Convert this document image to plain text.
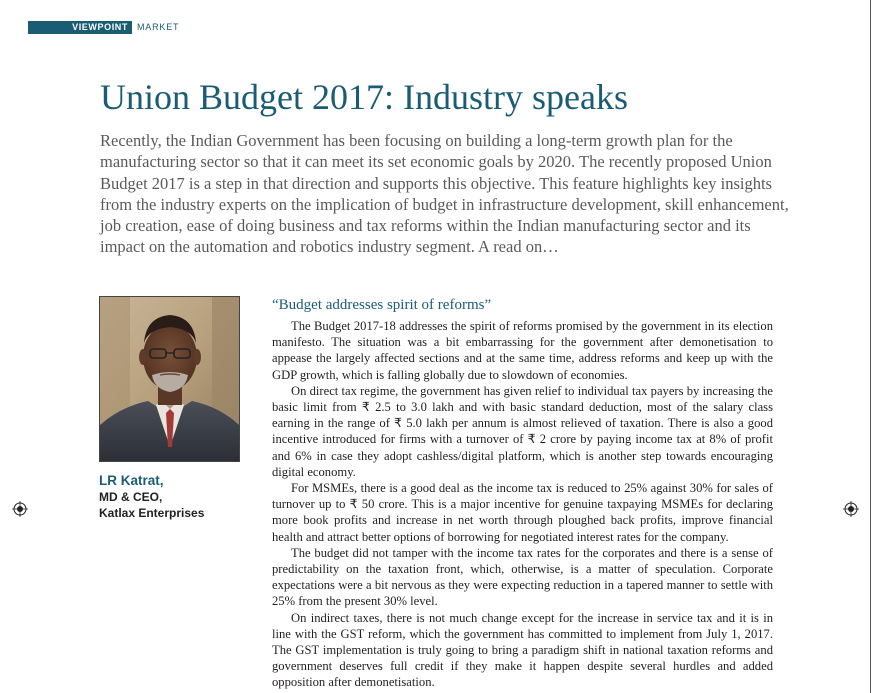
VIEWPOINT	MARKET
Union Budget 2017: Industry speaks

Recently, the Indian Government has been focusing on building a long-term growth plan for the manufacturing sector so that it can meet its set economic goals by 2020. The recently proposed Union Budget 2017 is a step in that direction and supports this objective. This feature highlights key insights from the industry experts on the implication of budget in infrastructure development, skill enhancement, job creation, ease of doing business and tax reforms within the Indian manufacturing sector and its impact on the automation and robotics industry segment. A read on…

LR Katrat,
MD & CEO,
Katlax Enterprises
“Budget addresses spirit of reforms”

The Budget 2017-18 addresses the spirit of reforms promised by the government in its election manifesto. The situation was a bit embarrassing for the government after demonetisation to appease the largely affected sections and at the same time, address reforms and keep up with the GDP growth, which is falling globally due to slowdown of economies.

On direct tax regime, the government has given relief to individual tax payers by increasing the basic limit from ₹ 2.5 to 3.0 lakh and with basic standard deduction, most of the salary class earning in the range of ₹ 5.0 lakh per annum is almost relieved of taxation. There is also a good incentive introduced for firms with a turnover of ₹ 2 crore by paying income tax at 8% of profit and 6% in case they adopt cashless/digital platform, which is another step towards encouraging digital economy.

For MSMEs, there is a good deal as the income tax is reduced to 25% against 30% for sales of turnover up to ₹ 50 crore. This is a major incentive for genuine taxpaying MSMEs for declaring more book profits and increase in net worth through ploughed back profits, improve financial health and attract better options of borrowing for negotiated interest rates for the company.

The budget did not tamper with the income tax rates for the corporates and there is a sense of predictability on the taxation front, which, otherwise, is a matter of speculation. Corporate expectations were a bit nervous as they were expecting reduction in a tapered manner to settle with 25% from the present 30% level.

On indirect taxes, there is not much change except for the increase in service tax and it is in line with the GST reform, which the government has committed to implement from July 1, 2017. The GST implementation is truly going to bring a paradigm shift in national taxation reforms and government deserves full credit if they make it happen despite several hurdles and added opposition after demonetisation.
